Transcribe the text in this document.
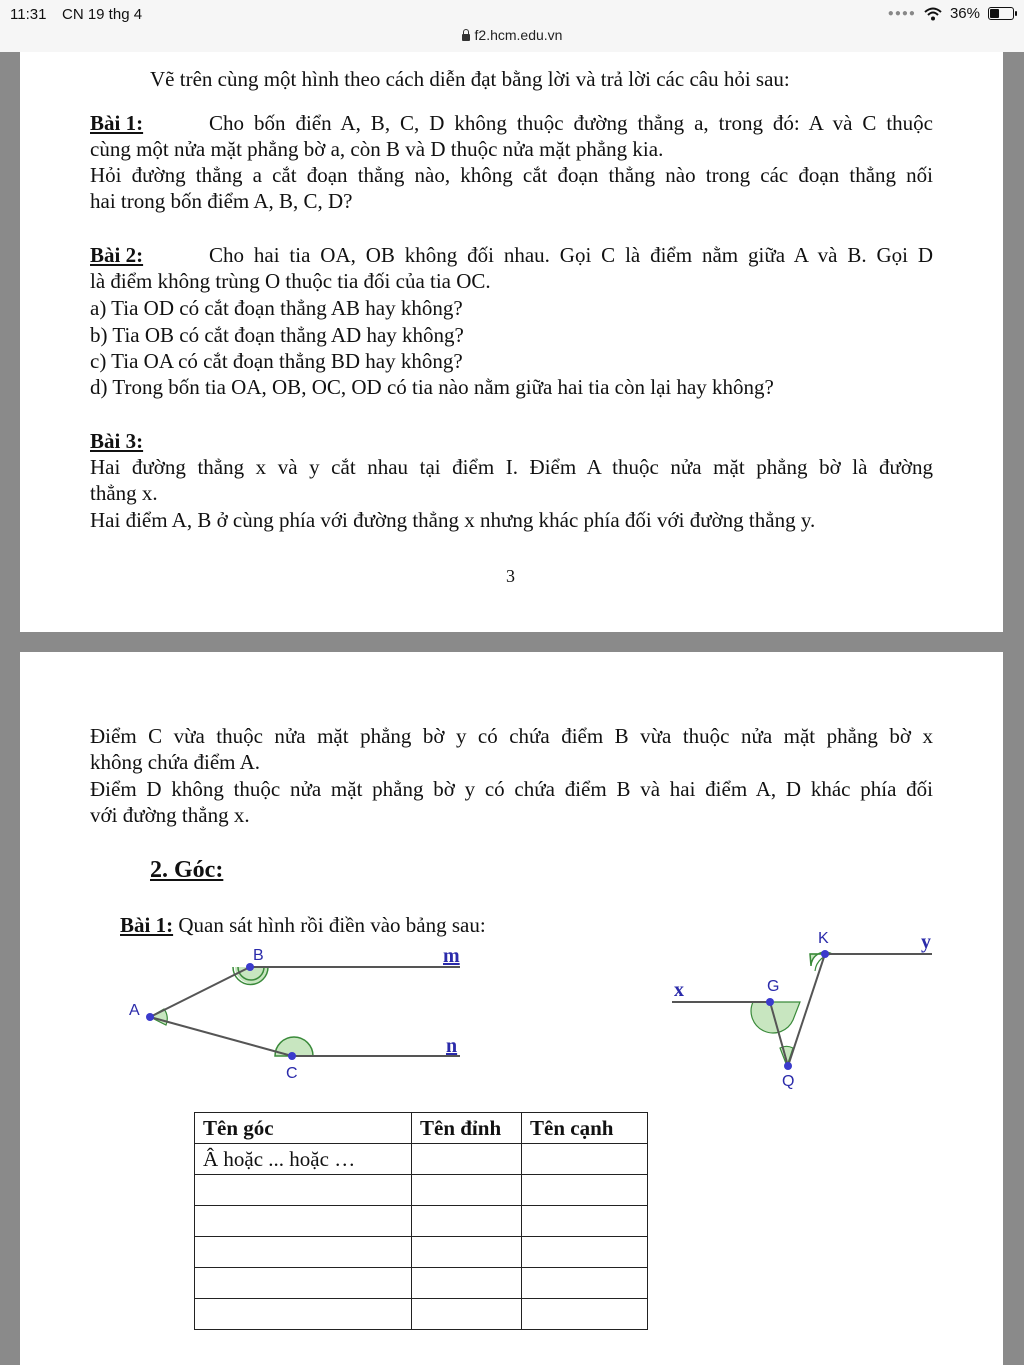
11:31 CN 19 thg 4	●●●● 36%
f2.hcm.edu.vn
Vẽ trên cùng một hình theo cách diễn đạt bằng lời và trả lời các câu hỏi sau:
Bài 1:	Cho bốn điển A, B, C, D không thuộc đường thẳng a, trong đó: A và C thuộc
cùng một nửa mặt phẳng bờ a, còn B và D thuộc nửa mặt phẳng kia.
Hỏi đường thẳng a cắt đoạn thẳng nào, không cắt đoạn thẳng nào trong các đoạn thẳng nối
hai trong bốn điểm A, B, C, D?
Bài 2:	Cho hai tia OA, OB không đối nhau. Gọi C là điểm nằm giữa A và B. Gọi D
là điểm không trùng O thuộc tia đối của tia OC.
a) Tia OD có cắt đoạn thẳng AB hay không?
b) Tia OB có cắt đoạn thẳng AD hay không?
c) Tia OA có cắt đoạn thẳng BD hay không?
d) Trong bốn tia OA, OB, OC, OD có tia nào nằm giữa hai tia còn lại hay không?
Bài 3:
Hai đường thẳng x và y cắt nhau tại điểm I. Điểm A thuộc nửa mặt phẳng bờ là đường
thẳng x.
Hai điểm A, B ở cùng phía với đường thẳng x nhưng khác phía đối với đường thẳng y.
3
Điểm C vừa thuộc nửa mặt phẳng bờ y có chứa điểm B vừa thuộc nửa mặt phẳng bờ x
không chứa điểm A.
Điểm D không thuộc nửa mặt phẳng bờ y có chứa điểm B và hai điểm A, D khác phía đối
với đường thẳng x.
2. Góc:
Bài 1: Quan sát hình rồi điền vào bảng sau:
A
B
C
m
n
x
y
G
K
Q
Tên góc	Tên đỉnh	Tên cạnh
Â hoặc ... hoặc …		
